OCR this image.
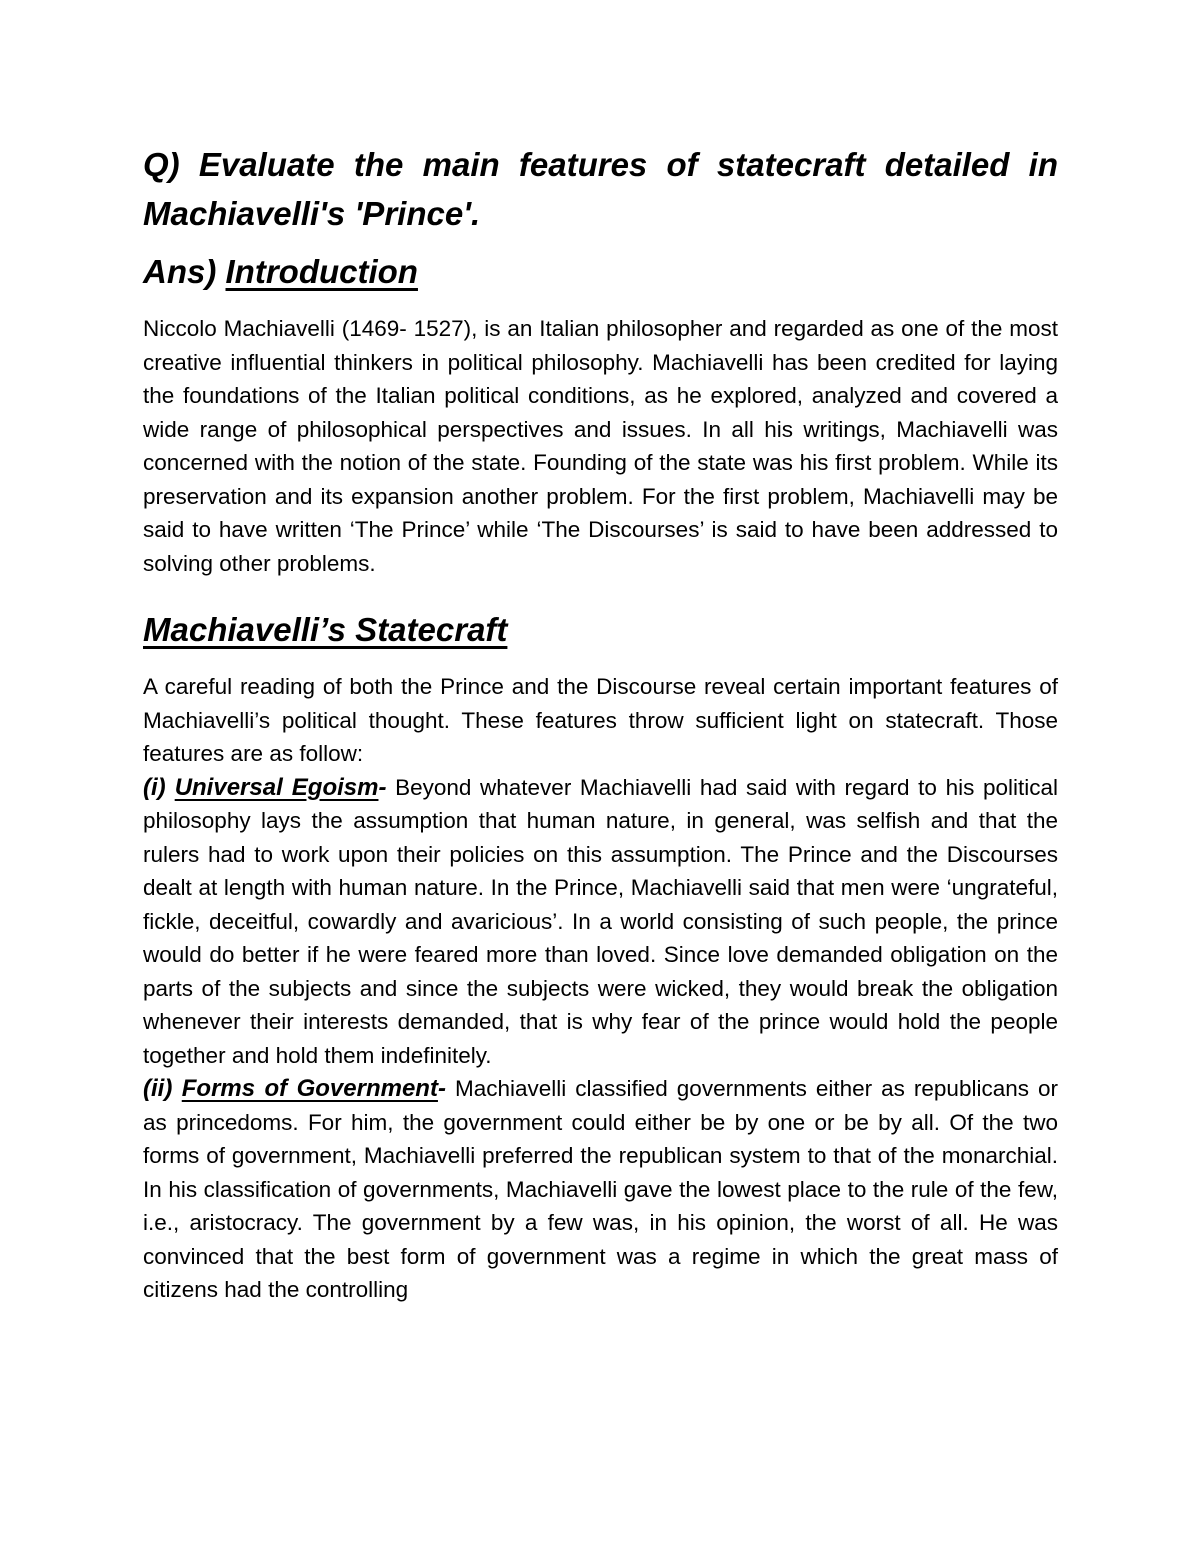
Q) Evaluate the main features of statecraft detailed in Machiavelli's 'Prince'.

Ans) Introduction

Niccolo Machiavelli (1469- 1527), is an Italian philosopher and regarded as one of the most creative influential thinkers in political philosophy. Machiavelli has been credited for laying the foundations of the Italian political conditions, as he explored, analyzed and covered a wide range of philosophical perspectives and issues. In all his writings, Machiavelli was concerned with the notion of the state. Founding of the state was his first problem. While its preservation and its expansion another problem. For the first problem, Machiavelli may be said to have written ‘The Prince’ while ‘The Discourses’ is said to have been addressed to solving other problems.

Machiavelli’s Statecraft

A careful reading of both the Prince and the Discourse reveal certain important features of Machiavelli’s political thought. These features throw sufficient light on statecraft. Those features are as follow:

(i) Universal Egoism- Beyond whatever Machiavelli had said with regard to his political philosophy lays the assumption that human nature, in general, was selfish and that the rulers had to work upon their policies on this assumption. The Prince and the Discourses dealt at length with human nature. In the Prince, Machiavelli said that men were ‘ungrateful, fickle, deceitful, cowardly and avaricious’. In a world consisting of such people, the prince would do better if he were feared more than loved. Since love demanded obligation on the parts of the subjects and since the subjects were wicked, they would break the obligation whenever their interests demanded, that is why fear of the prince would hold the people together and hold them indefinitely.

(ii) Forms of Government- Machiavelli classified governments either as republicans or as princedoms. For him, the government could either be by one or be by all. Of the two forms of government, Machiavelli preferred the republican system to that of the monarchial. In his classification of governments, Machiavelli gave the lowest place to the rule of the few, i.e., aristocracy. The government by a few was, in his opinion, the worst of all. He was convinced that the best form of government was a regime in which the great mass of citizens had the controlling
